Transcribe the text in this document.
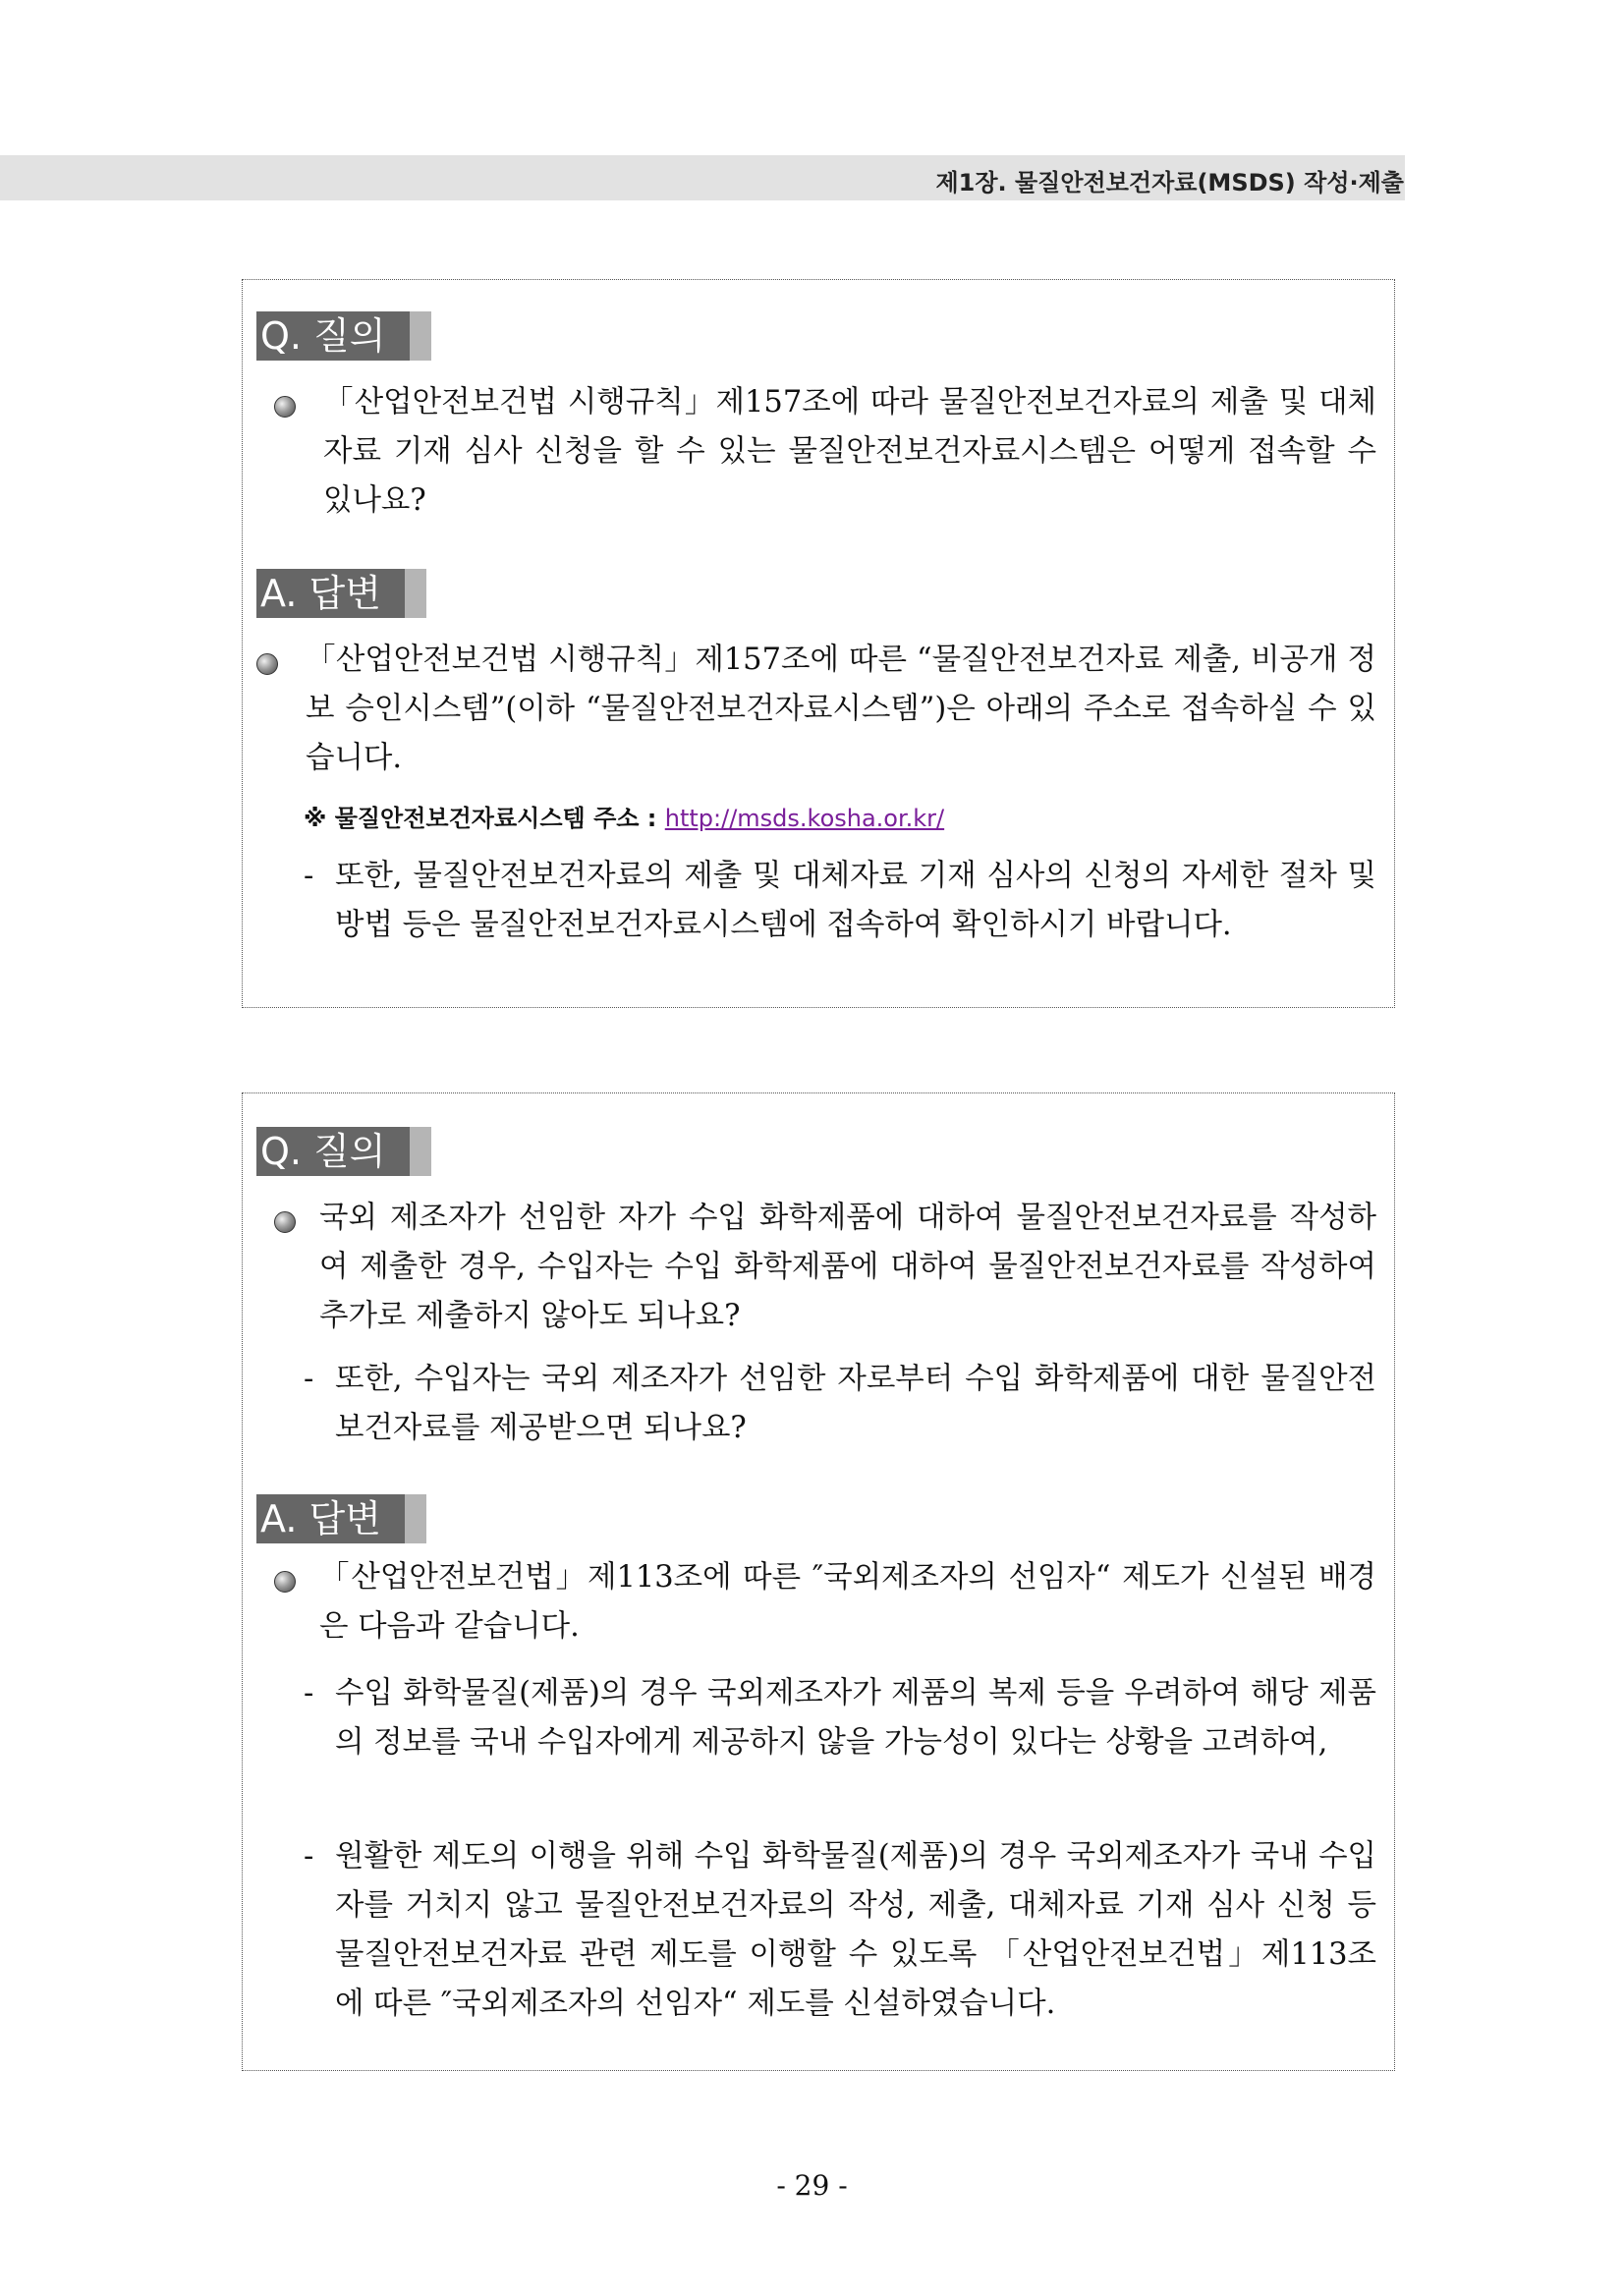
제1장. 물질안전보건자료(MSDS) 작성·제출
Q. 질의

「산업안전보건법 시행규칙」제157조에 따라 물질안전보건자료의 제출 및 대체자료 기재 심사 신청을 할 수 있는 물질안전보건자료시스템은 어떻게 접속할 수 있나요?

A. 답변

「산업안전보건법 시행규칙」제157조에 따른 “물질안전보건자료 제출, 비공개 정보 승인시스템”(이하 “물질안전보건자료시스템”)은 아래의 주소로 접속하실 수 있습니다.

※ 물질안전보건자료시스템 주소 : http://msds.kosha.or.kr/
- 또한, 물질안전보건자료의 제출 및 대체자료 기재 심사의 신청의 자세한 절차 및 방법 등은 물질안전보건자료시스템에 접속하여 확인하시기 바랍니다.

Q. 질의

국외 제조자가 선임한 자가 수입 화학제품에 대하여 물질안전보건자료를 작성하여 제출한 경우, 수입자는 수입 화학제품에 대하여 물질안전보건자료를 작성하여 추가로 제출하지 않아도 되나요?

- 또한, 수입자는 국외 제조자가 선임한 자로부터 수입 화학제품에 대한 물질안전보건자료를 제공받으면 되나요?

A. 답변

「산업안전보건법」제113조에 따른 ″국외제조자의 선임자“ 제도가 신설된 배경은 다음과 같습니다.

- 수입 화학물질(제품)의 경우 국외제조자가 제품의 복제 등을 우려하여 해당 제품의 정보를 국내 수입자에게 제공하지 않을 가능성이 있다는 상황을 고려하여,

- 원활한 제도의 이행을 위해 수입 화학물질(제품)의 경우 국외제조자가 국내 수입자를 거치지 않고 물질안전보건자료의 작성, 제출, 대체자료 기재 심사 신청 등 물질안전보건자료 관련 제도를 이행할 수 있도록 「산업안전보건법」제113조에 따른 ″국외제조자의 선임자“ 제도를 신설하였습니다.

- 29 -
